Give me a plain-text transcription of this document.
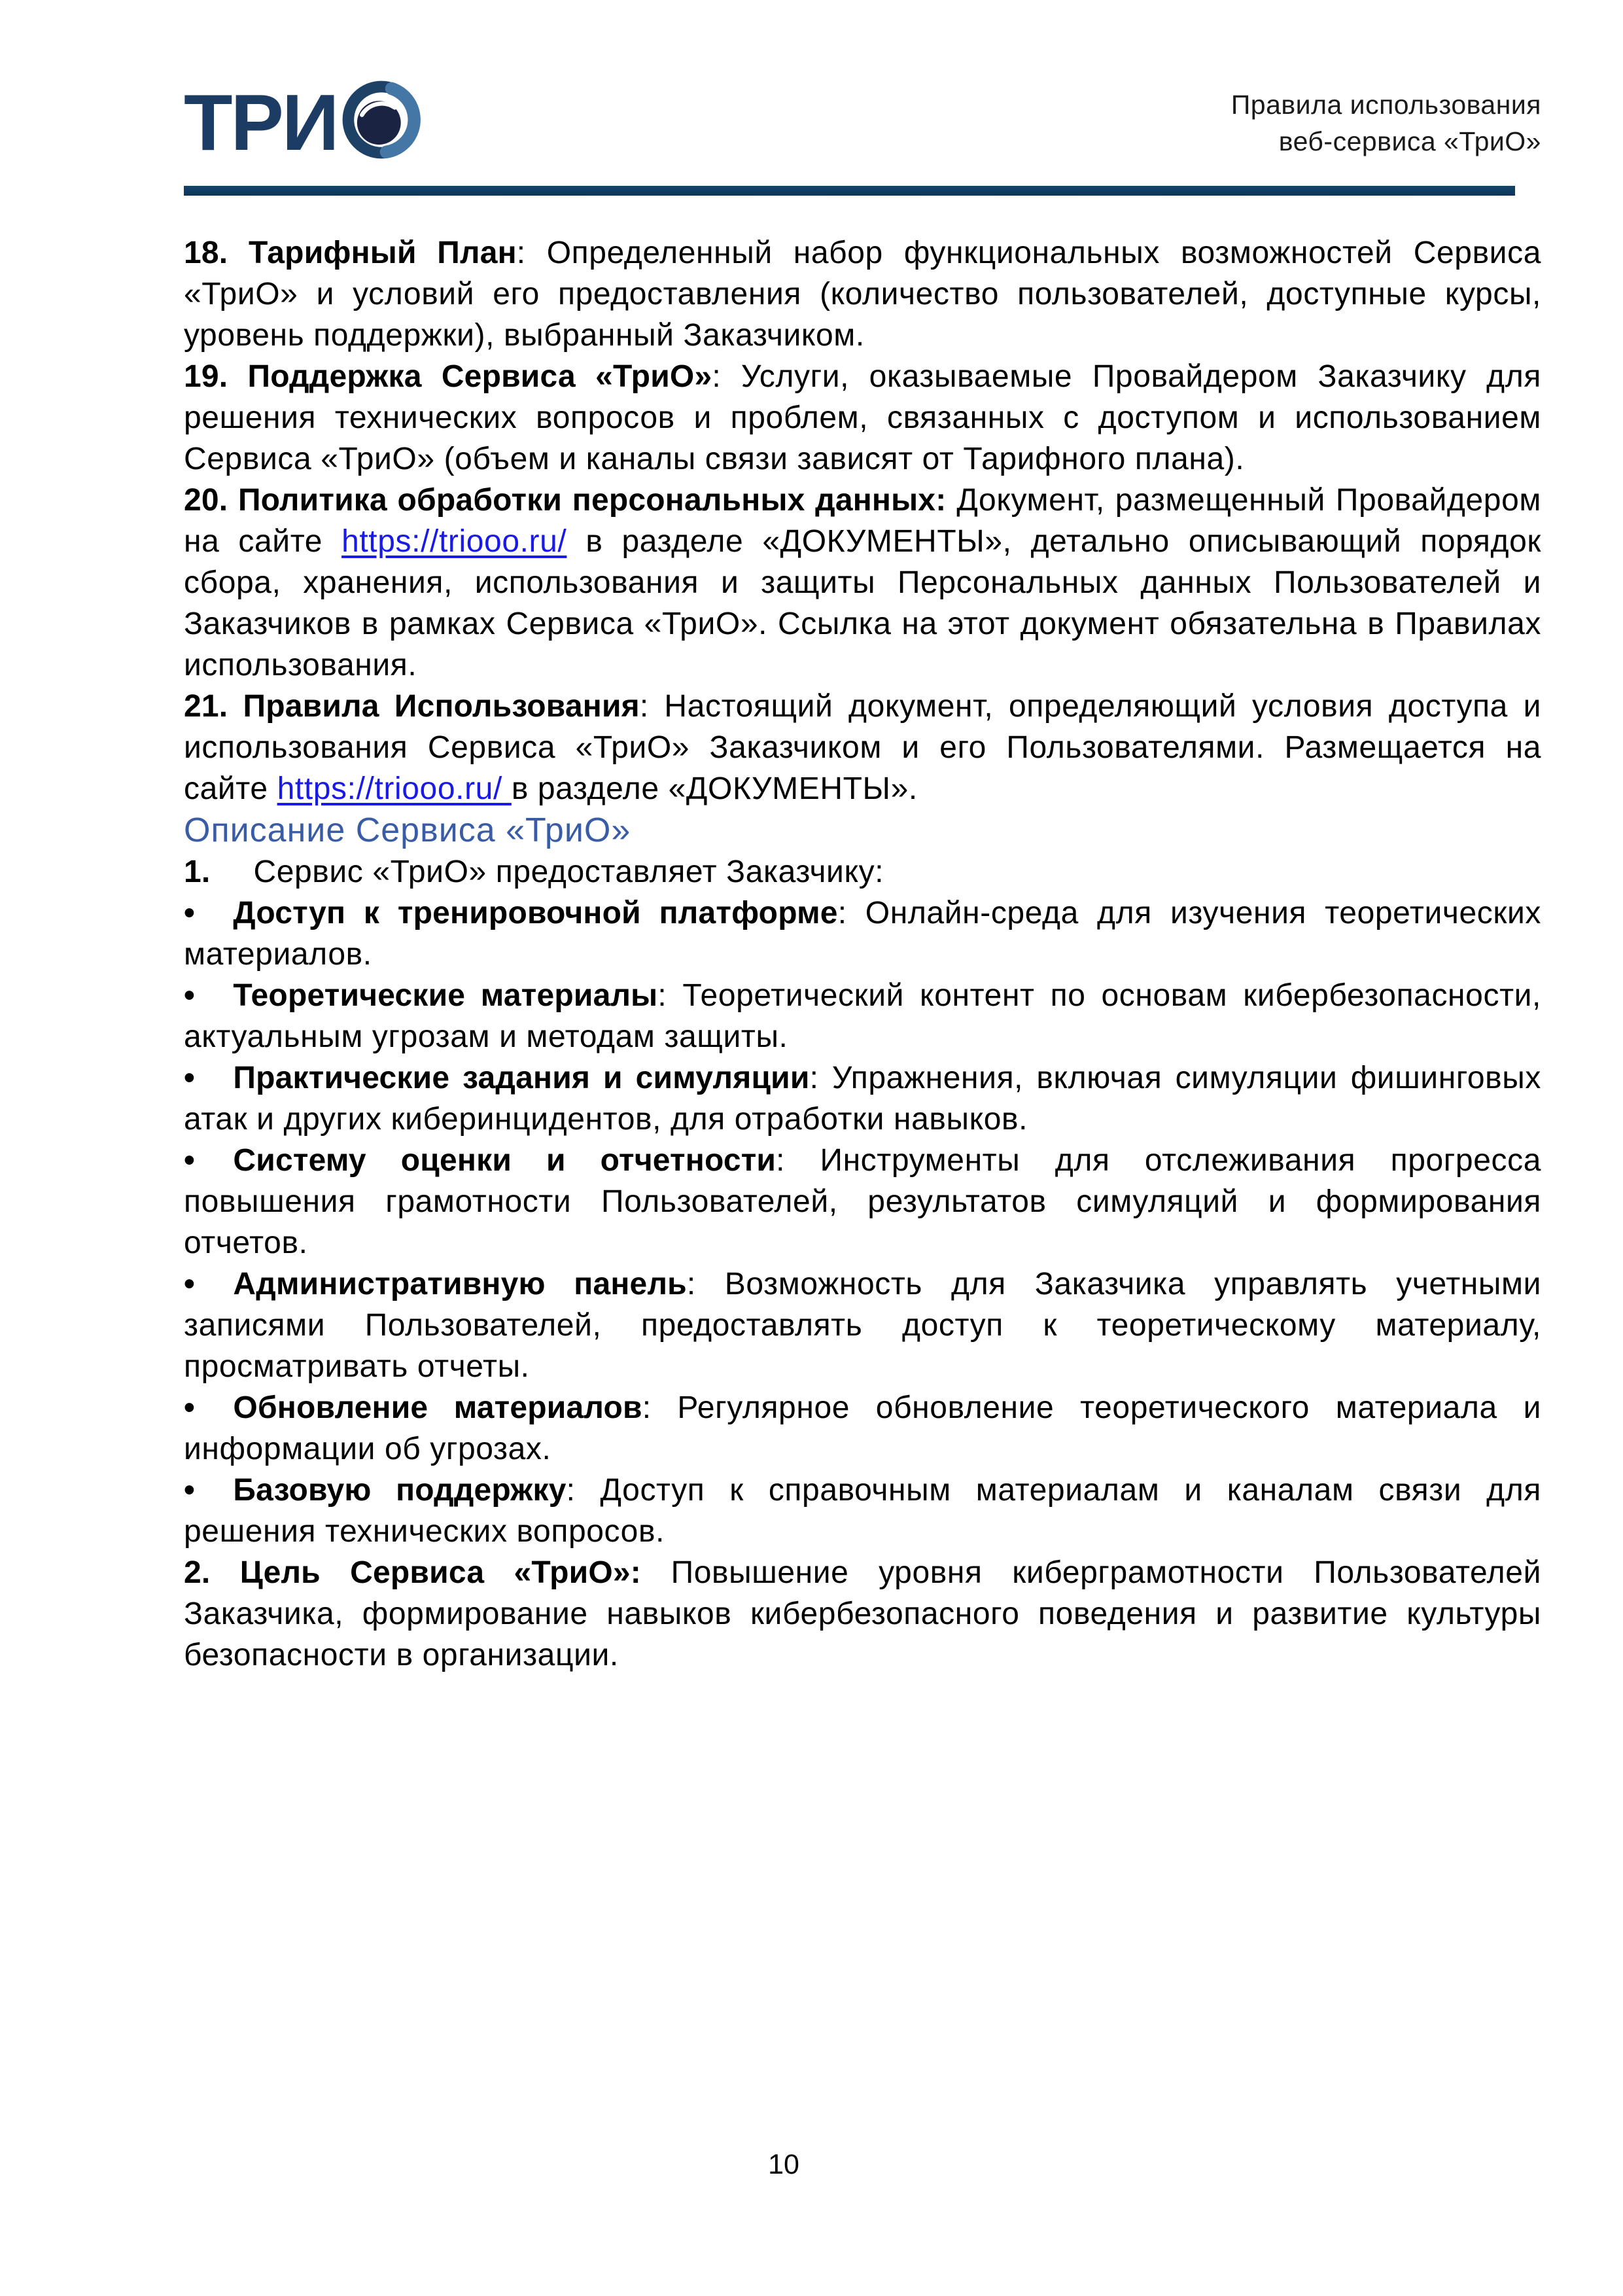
ТРИ	Правила использования
веб-сервиса «ТриО»

18. Тарифный План: Определенный набор функциональных возможностей Сервиса «ТриО» и условий его предоставления (количество пользователей, доступные курсы, уровень поддержки), выбранный Заказчиком.

19. Поддержка Сервиса «ТриО»: Услуги, оказываемые Провайдером Заказчику для решения технических вопросов и проблем, связанных с доступом и использованием Сервиса «ТриО» (объем и каналы связи зависят от Тарифного плана).

20. Политика обработки персональных данных: Документ, размещенный Провайдером на сайте https://triooo.ru/ в разделе «ДОКУМЕНТЫ», детально описывающий порядок сбора, хранения, использования и защиты Персональных данных Пользователей и Заказчиков в рамках Сервиса «ТриО». Ссылка на этот документ обязательна в Правилах использования.

21. Правила Использования: Настоящий документ, определяющий условия доступа и использования Сервиса «ТриО» Заказчиком и его Пользователями. Размещается на сайте https://triooo.ru/ в разделе «ДОКУМЕНТЫ».

Описание Сервиса «ТриО»

1. Сервис «ТриО» предоставляет Заказчику:

• Доступ к тренировочной платформе: Онлайн-среда для изучения теоретических материалов.

• Теоретические материалы: Теоретический контент по основам кибербезопасности, актуальным угрозам и методам защиты.

• Практические задания и симуляции: Упражнения, включая симуляции фишинговых атак и других киберинцидентов, для отработки навыков.

• Систему оценки и отчетности: Инструменты для отслеживания прогресса повышения грамотности Пользователей, результатов симуляций и формирования отчетов.

• Административную панель: Возможность для Заказчика управлять учетными записями Пользователей, предоставлять доступ к теоретическому материалу, просматривать отчеты.

• Обновление материалов: Регулярное обновление теоретического материала и информации об угрозах.

• Базовую поддержку: Доступ к справочным материалам и каналам связи для решения технических вопросов.

2. Цель Сервиса «ТриО»: Повышение уровня киберграмотности Пользователей Заказчика, формирование навыков кибербезопасного поведения и развитие культуры безопасности в организации.

10
